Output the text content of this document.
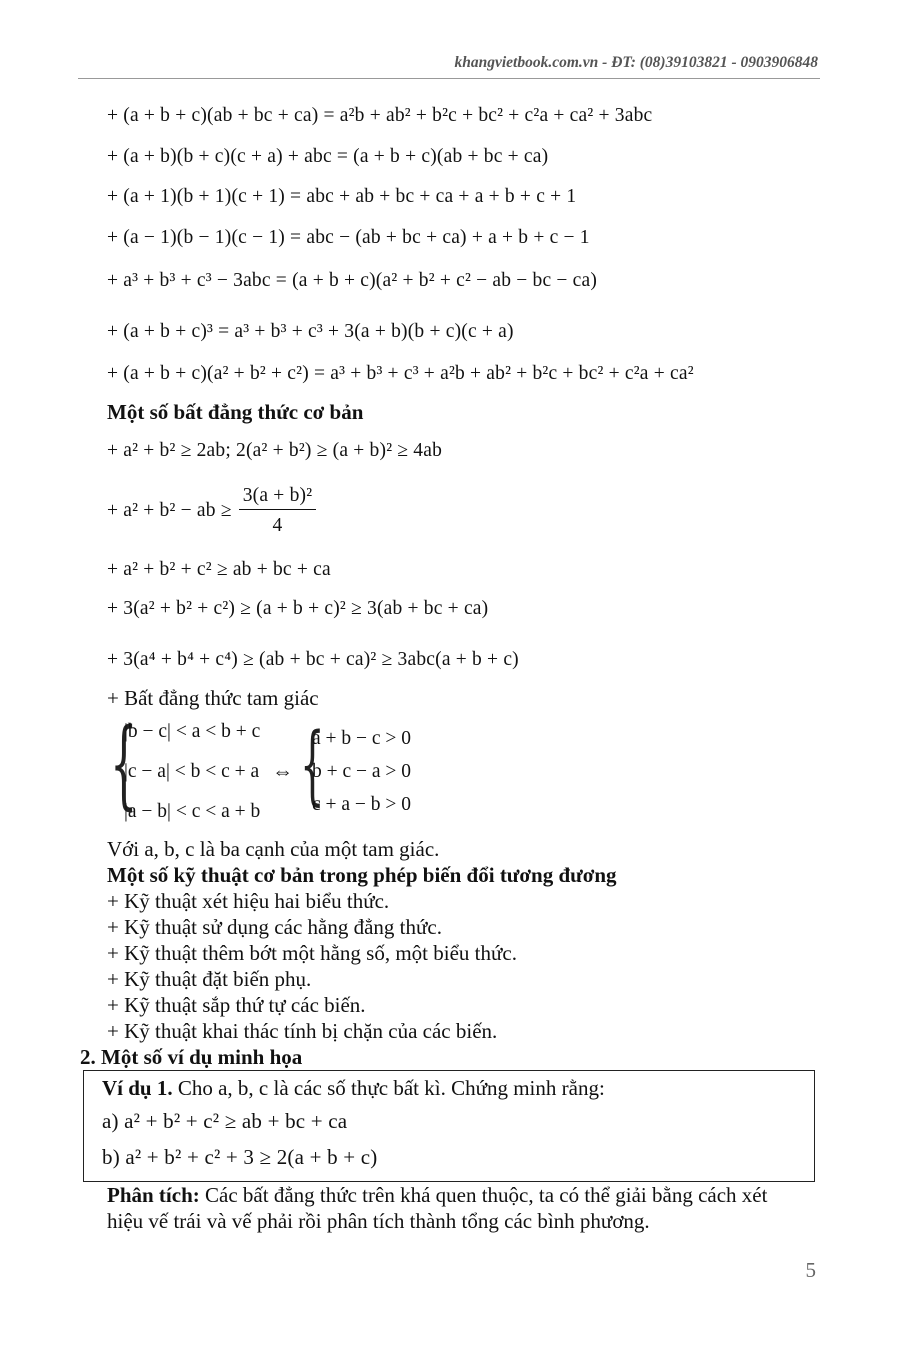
khangvietbook.com.vn - ĐT: (08)39103821 - 0903906848
+ (a + b + c)(ab + bc + ca) = a²b + ab² + b²c + bc² + c²a + ca² + 3abc
+ (a + b)(b + c)(c + a) + abc = (a + b + c)(ab + bc + ca)
+ (a + 1)(b + 1)(c + 1) = abc + ab + bc + ca + a + b + c + 1
+ (a − 1)(b − 1)(c − 1) = abc − (ab + bc + ca) + a + b + c − 1
+ a³ + b³ + c³ − 3abc = (a + b + c)(a² + b² + c² − ab − bc − ca)
+ (a + b + c)³ = a³ + b³ + c³ + 3(a + b)(b + c)(c + a)
+ (a + b + c)(a² + b² + c²) = a³ + b³ + c³ + a²b + ab² + b²c + bc² + c²a + ca²
Một số bất đẳng thức cơ bản
+ a² + b² ≥ 2ab; 2(a² + b²) ≥ (a + b)² ≥ 4ab
+ a² + b² − ab ≥ $\frac{\text{3(a + b)²}}{4}$
+ a² + b² + c² ≥ ab + bc + ca
+ 3(a² + b² + c²) ≥ (a + b + c)² ≥ 3(ab + bc + ca)
+ 3(a⁴ + b⁴ + c⁴) ≥ (ab + bc + ca)² ≥ 3abc(a + b + c)
+ Bất đẳng thức tam giác
{
|b − c| < a < b + c
|c − a| < b < c + a
|a − b| < c < a + b
⇔ {
a + b − c > 0
b + c − a > 0
c + a − b > 0
Với a, b, c là ba cạnh của một tam giác.
Một số kỹ thuật cơ bản trong phép biến đổi tương đương
+ Kỹ thuật xét hiệu hai biểu thức.
+ Kỹ thuật sử dụng các hằng đẳng thức.
+ Kỹ thuật thêm bớt một hằng số, một biểu thức.
+ Kỹ thuật đặt biến phụ.
+ Kỹ thuật sắp thứ tự các biến.
+ Kỹ thuật khai thác tính bị chặn của các biến.
2. Một số ví dụ minh họa
Ví dụ 1. Cho a, b, c là các số thực bất kì. Chứng minh rằng:
a) a² + b² + c² ≥ ab + bc + ca
b) a² + b² + c² + 3 ≥ 2(a + b + c)
Phân tích: Các bất đẳng thức trên khá quen thuộc, ta có thể giải bằng cách xét
hiệu vế trái và vế phải rồi phân tích thành tổng các bình phương.
5
